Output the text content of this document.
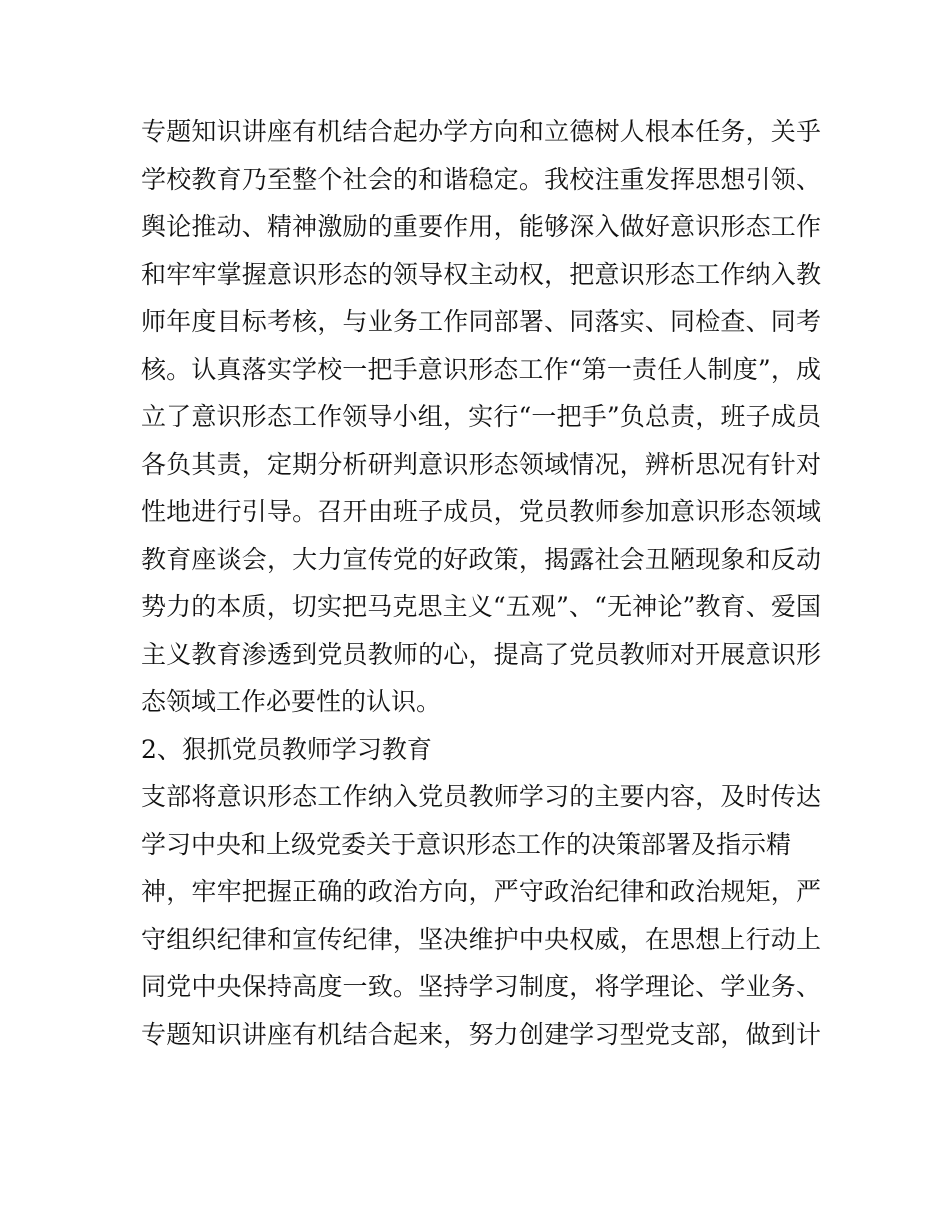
专题知识讲座有机结合起办学方向和立德树人根本任务，关乎
学校教育乃至整个社会的和谐稳定。我校注重发挥思想引领、
舆论推动、精神激励的重要作用，能够深入做好意识形态工作
和牢牢掌握意识形态的领导权主动权，把意识形态工作纳入教
师年度目标考核，与业务工作同部署、同落实、同检查、同考
核。认真落实学校一把手意识形态工作“第一责任人制度”，成
立了意识形态工作领导小组，实行“一把手”负总责，班子成员
各负其责，定期分析研判意识形态领域情况，辨析思况有针对
性地进行引导。召开由班子成员，党员教师参加意识形态领域
教育座谈会，大力宣传党的好政策，揭露社会丑陋现象和反动
势力的本质，切实把马克思主义“五观”、“无神论”教育、爱国
主义教育渗透到党员教师的心，提高了党员教师对开展意识形
态领域工作必要性的认识。
2、狠抓党员教师学习教育
支部将意识形态工作纳入党员教师学习的主要内容，及时传达
学习中央和上级党委关于意识形态工作的决策部署及指示精
神，牢牢把握正确的政治方向，严守政治纪律和政治规矩，严
守组织纪律和宣传纪律，坚决维护中央权威，在思想上行动上
同党中央保持高度一致。坚持学习制度，将学理论、学业务、
专题知识讲座有机结合起来，努力创建学习型党支部，做到计
